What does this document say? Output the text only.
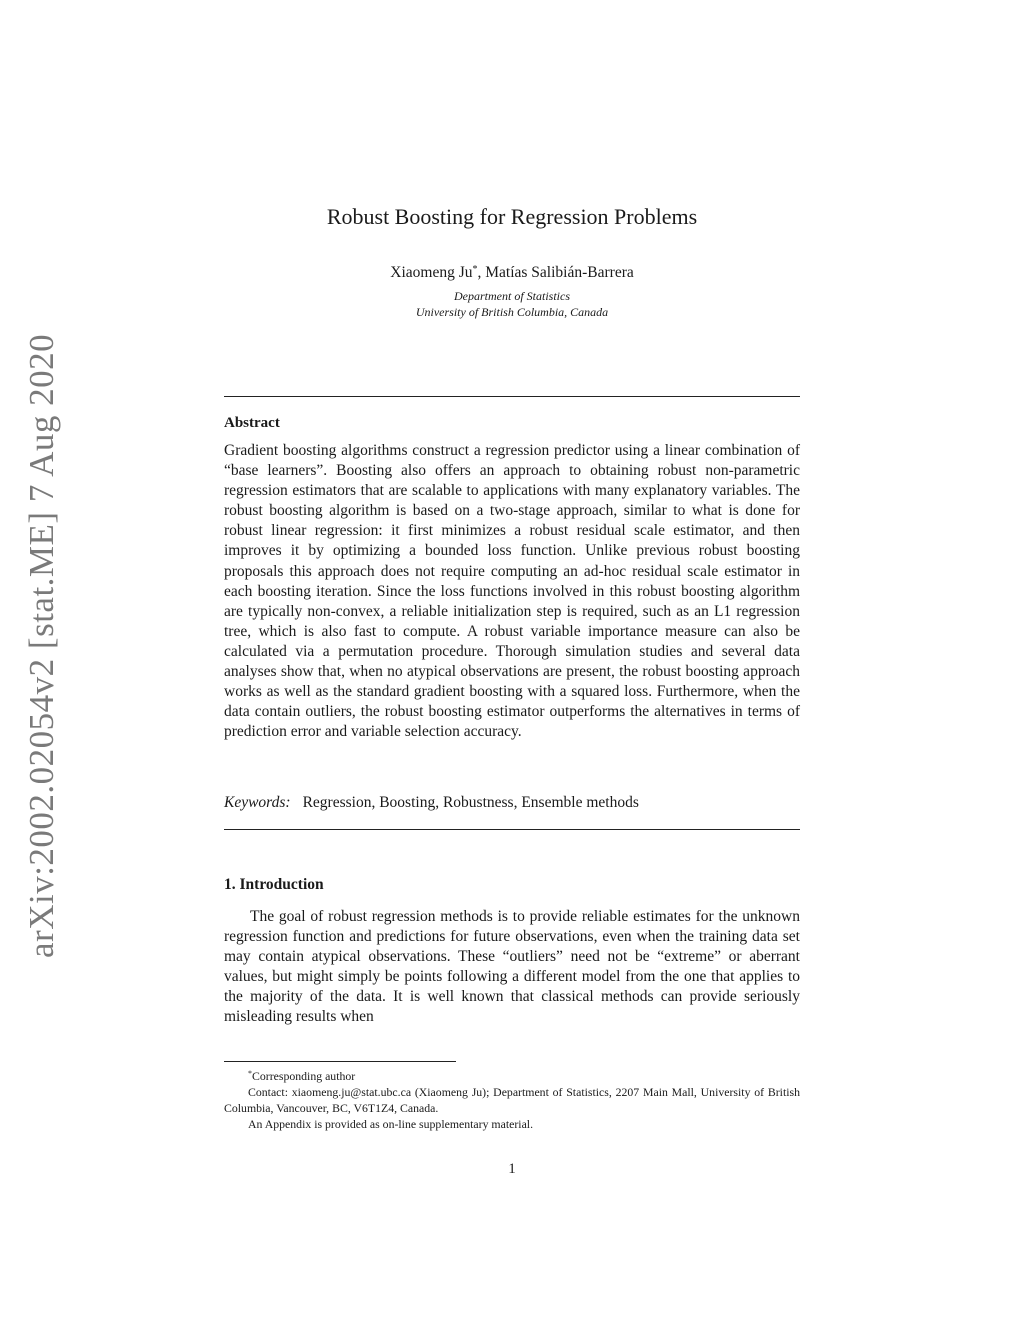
arXiv:2002.02054v2 [stat.ME] 7 Aug 2020
Robust Boosting for Regression Problems
Xiaomeng Ju*, Matías Salibián-Barrera
Department of Statistics
University of British Columbia, Canada
Abstract
Gradient boosting algorithms construct a regression predictor using a linear combination of “base learners”. Boosting also offers an approach to obtaining robust non-parametric regression estimators that are scalable to applications with many explanatory variables. The robust boosting algorithm is based on a two-stage approach, similar to what is done for robust linear regression: it first minimizes a robust residual scale estimator, and then improves it by optimizing a bounded loss function. Unlike previous robust boosting proposals this approach does not require computing an ad-hoc residual scale estimator in each boosting iteration. Since the loss functions involved in this robust boosting algorithm are typically non-convex, a reliable initialization step is required, such as an L1 regression tree, which is also fast to compute. A robust variable importance measure can also be calculated via a permutation procedure. Thorough simulation studies and several data analyses show that, when no atypical observations are present, the robust boosting approach works as well as the standard gradient boosting with a squared loss. Furthermore, when the data contain outliers, the robust boosting estimator outperforms the alternatives in terms of prediction error and variable selection accuracy.
Keywords: Regression, Boosting, Robustness, Ensemble methods
1. Introduction
The goal of robust regression methods is to provide reliable estimates for the unknown regression function and predictions for future observations, even when the training data set may contain atypical observations. These “outliers” need not be “extreme” or aberrant values, but might simply be points following a different model from the one that applies to the majority of the data. It is well known that classical methods can provide seriously misleading results when

*Corresponding author

Contact: xiaomeng.ju@stat.ubc.ca (Xiaomeng Ju); Department of Statistics, 2207 Main Mall, University of British Columbia, Vancouver, BC, V6T1Z4, Canada.

An Appendix is provided as on-line supplementary material.

1
